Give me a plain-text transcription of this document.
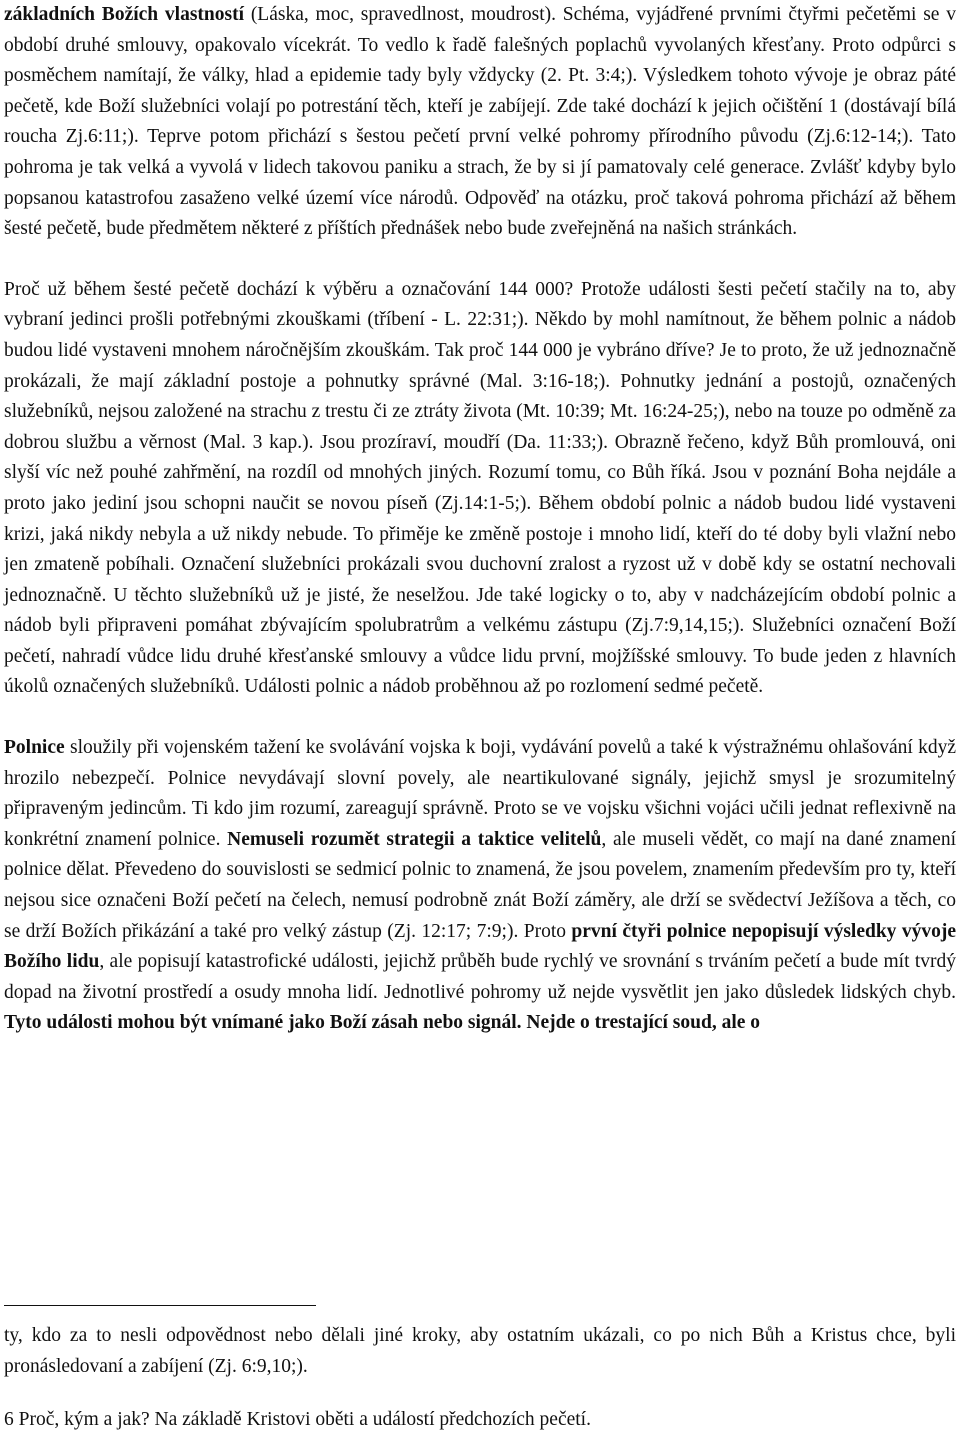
základních Božích vlastností (Láska, moc, spravedlnost, moudrost). Schéma, vyjádřené prvními čtyřmi pečetěmi se v období druhé smlouvy, opakovalo vícekrát. To vedlo k řadě falešných poplachů vyvolaných křesťany. Proto odpůrci s posměchem namítají, že války, hlad a epidemie tady byly vždycky (2. Pt. 3:4;). Výsledkem tohoto vývoje je obraz páté pečetě, kde Boží služebníci volají po potrestání těch, kteří je zabíjejí. Zde také dochází k jejich očištění 1 (dostávají bílá roucha Zj.6:11;). Teprve potom přichází s šestou pečetí první velké pohromy přírodního původu (Zj.6:12-14;). Tato pohroma je tak velká a vyvolá v lidech takovou paniku a strach, že by si jí pamatovaly celé generace. Zvlášť kdyby bylo popsanou katastrofou zasaženo velké území více národů. Odpověď na otázku, proč taková pohroma přichází až během šesté pečetě, bude předmětem některé z příštích přednášek nebo bude zveřejněná na našich stránkách.

Proč už během šesté pečetě dochází k výběru a označování 144 000? Protože události šesti pečetí stačily na to, aby vybraní jedinci prošli potřebnými zkouškami (tříbení - L. 22:31;). Někdo by mohl namítnout, že během polnic a nádob budou lidé vystaveni mnohem náročnějším zkouškám. Tak proč 144 000 je vybráno dříve? Je to proto, že už jednoznačně prokázali, že mají základní postoje a pohnutky správné (Mal. 3:16-18;). Pohnutky jednání a postojů, označených služebníků, nejsou založené na strachu z trestu či ze ztráty života (Mt. 10:39; Mt. 16:24-25;), nebo na touze po odměně za dobrou službu a věrnost (Mal. 3 kap.). Jsou prozíraví, moudří (Da. 11:33;). Obrazně řečeno, když Bůh promlouvá, oni slyší víc než pouhé zahřmění, na rozdíl od mnohých jiných. Rozumí tomu, co Bůh říká. Jsou v poznání Boha nejdále a proto jako jediní jsou schopni naučit se novou píseň (Zj.14:1-5;). Během období polnic a nádob budou lidé vystaveni krizi, jaká nikdy nebyla a už nikdy nebude. To přiměje ke změně postoje i mnoho lidí, kteří do té doby byli vlažní nebo jen zmateně pobíhali. Označení služebníci prokázali svou duchovní zralost a ryzost už v době kdy se ostatní nechovali jednoznačně. U těchto služebníků už je jisté, že neselžou. Jde také logicky o to, aby v nadcházejícím období polnic a nádob byli připraveni pomáhat zbývajícím spolubratrům a velkému zástupu (Zj.7:9,14,15;). Služebníci označení Boží pečetí, nahradí vůdce lidu druhé křesťanské smlouvy a vůdce lidu první, mojžíšské smlouvy. To bude jeden z hlavních úkolů označených služebníků. Události polnic a nádob proběhnou až po rozlomení sedmé pečetě.

Polnice sloužily při vojenském tažení ke svolávání vojska k boji, vydávání povelů a také k výstražnému ohlašování když hrozilo nebezpečí. Polnice nevydávají slovní povely, ale neartikulované signály, jejichž smysl je srozumitelný připraveným jedincům. Ti kdo jim rozumí, zareagují správně. Proto se ve vojsku všichni vojáci učili jednat reflexivně na konkrétní znamení polnice. Nemuseli rozumět strategii a taktice velitelů, ale museli vědět, co mají na dané znamení polnice dělat. Převedeno do souvislosti se sedmicí polnic to znamená, že jsou povelem, znamením především pro ty, kteří nejsou sice označeni Boží pečetí na čelech, nemusí podrobně znát Boží záměry, ale drží se svědectví Ježíšova a těch, co se drží Božích přikázání a také pro velký zástup (Zj. 12:17; 7:9;). Proto první čtyři polnice nepopisují výsledky vývoje Božího lidu, ale popisují katastrofické události, jejichž průběh bude rychlý ve srovnání s trváním pečetí a bude mít tvrdý dopad na životní prostředí a osudy mnoha lidí. Jednotlivé pohromy už nejde vysvětlit jen jako důsledek lidských chyb. Tyto události mohou být vnímané jako Boží zásah nebo signál. Nejde o trestající soud, ale o

ty, kdo za to nesli odpovědnost nebo dělali jiné kroky, aby ostatním ukázali, co po nich Bůh a Kristus chce, byli pronásledovaní a zabíjení (Zj. 6:9,10;).

6 Proč, kým a jak? Na základě Kristovi oběti a událostí předchozích pečetí.
